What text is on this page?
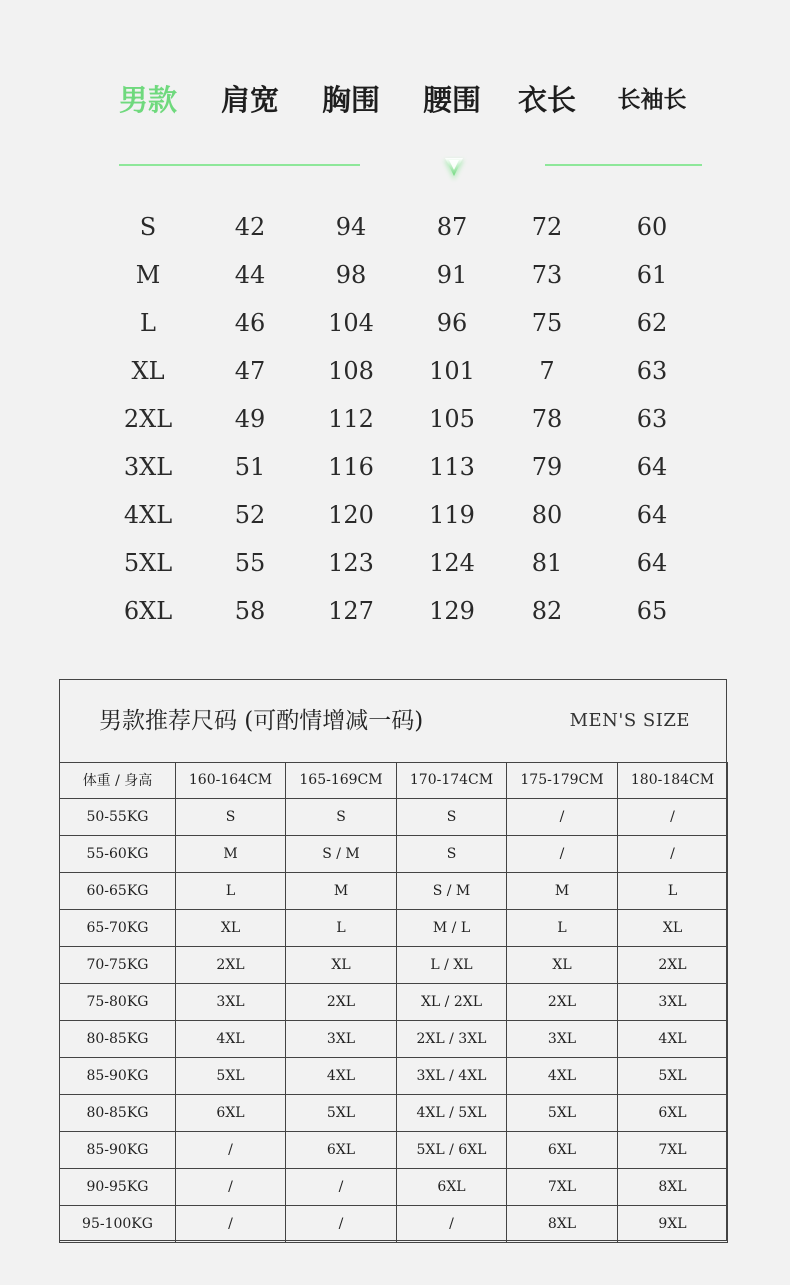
男款	肩宽	胸围	腰围	衣长	长袖长
S	42	94	87	72	60
M	44	98	91	73	61
L	46	104	96	75	62
XL	47	108	101	7	63
2XL	49	112	105	78	63
3XL	51	116	113	79	64
4XL	52	120	119	80	64
5XL	55	123	124	81	64
6XL	58	127	129	82	65
男款推荐尺码 (可酌情增减一码)	MEN'S SIZE
体重 / 身高	160-164CM	165-169CM	170-174CM	175-179CM	180-184CM
50-55KG	S	S	S	/	/
55-60KG	M	S / M	S	/	/
60-65KG	L	M	S / M	M	L
65-70KG	XL	L	M / L	L	XL
70-75KG	2XL	XL	L / XL	XL	2XL
75-80KG	3XL	2XL	XL / 2XL	2XL	3XL
80-85KG	4XL	3XL	2XL / 3XL	3XL	4XL
85-90KG	5XL	4XL	3XL / 4XL	4XL	5XL
80-85KG	6XL	5XL	4XL / 5XL	5XL	6XL
85-90KG	/	6XL	5XL / 6XL	6XL	7XL
90-95KG	/	/	6XL	7XL	8XL
95-100KG	/	/	/	8XL	9XL
